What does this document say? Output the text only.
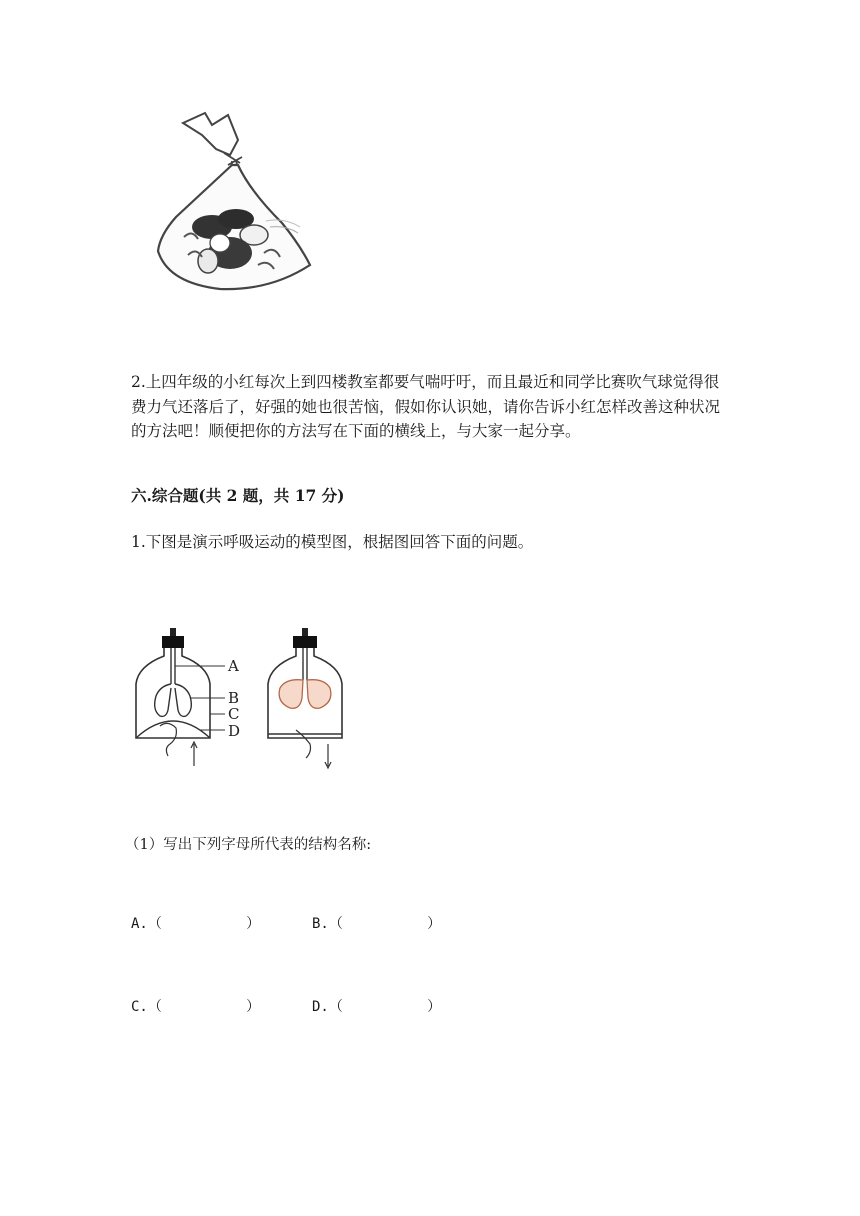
2.上四年级的小红每次上到四楼教室都要气喘吁吁，而且最近和同学比赛吹气球觉得很费力气还落后了，好强的她也很苦恼，假如你认识她，请你告诉小红怎样改善这种状况的方法吧！顺便把你的方法写在下面的横线上，与大家一起分享。

六.综合题(共 2 题，共 17 分)

1.下图是演示呼吸运动的模型图，根据图回答下面的问题。

A
B
C
D

（1）写出下列字母所代表的结构名称:

A.（          ）	B.（          ）
C.（          ）	D.（          ）
